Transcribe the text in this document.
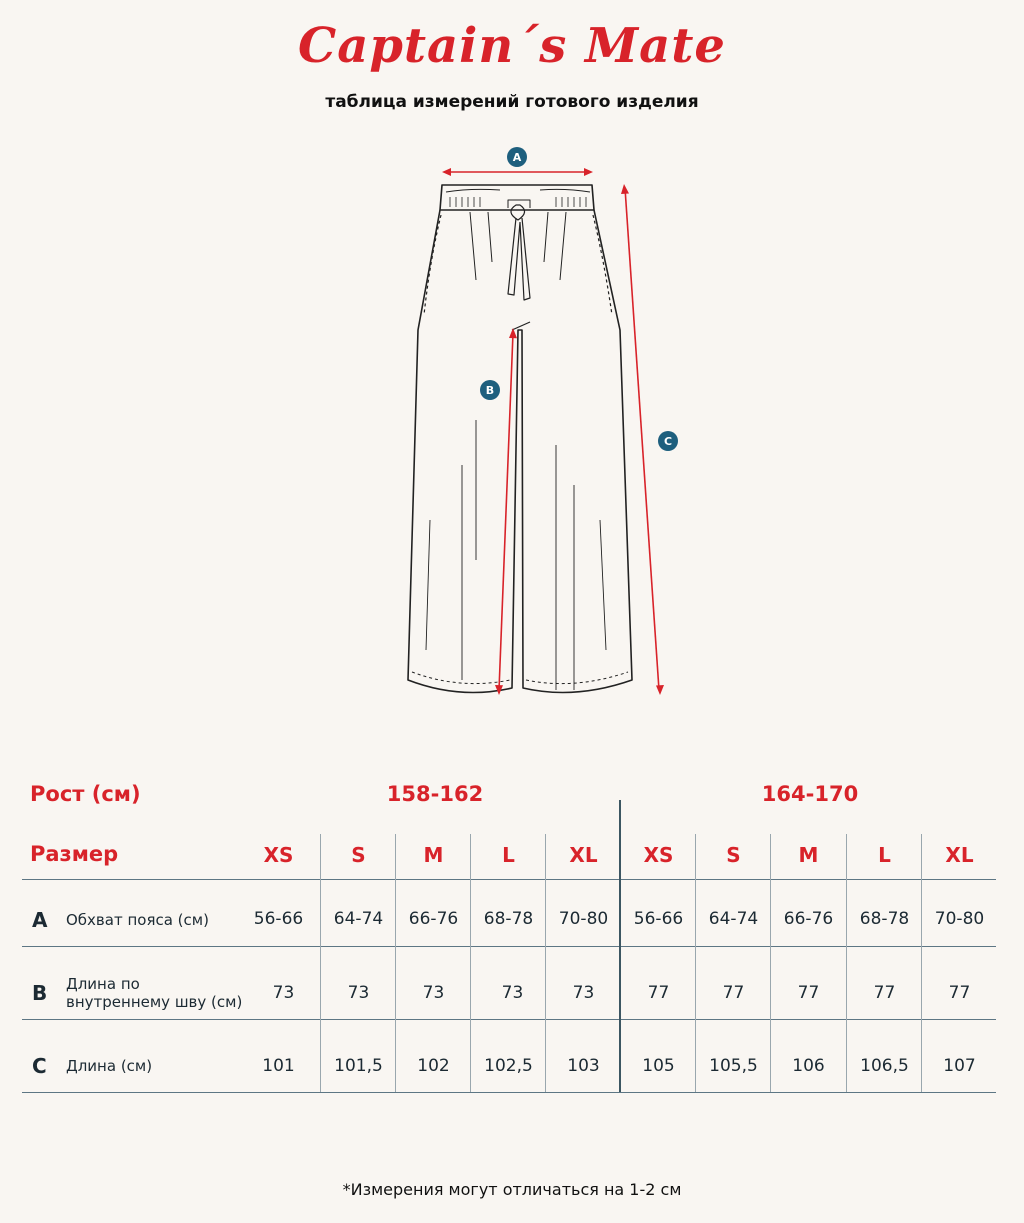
Captain´s Mate
таблица измерений готового изделия
A
B
C
Рост (см)	158-162	164-170
Размер	XS	S	M	L	XL	XS	S	M	L	XL
A Обхват пояса (см)	56-66	64-74	66-76	68-78	70-80	56-66	64-74	66-76	68-78	70-80
B Длина по
внутреннему шву (см)	73	73	73	73	73	77	77	77	77	77
C Длина (см)	101	101,5	102	102,5	103	105	105,5	106	106,5	107
*Измерения могут отличаться на 1-2 см
